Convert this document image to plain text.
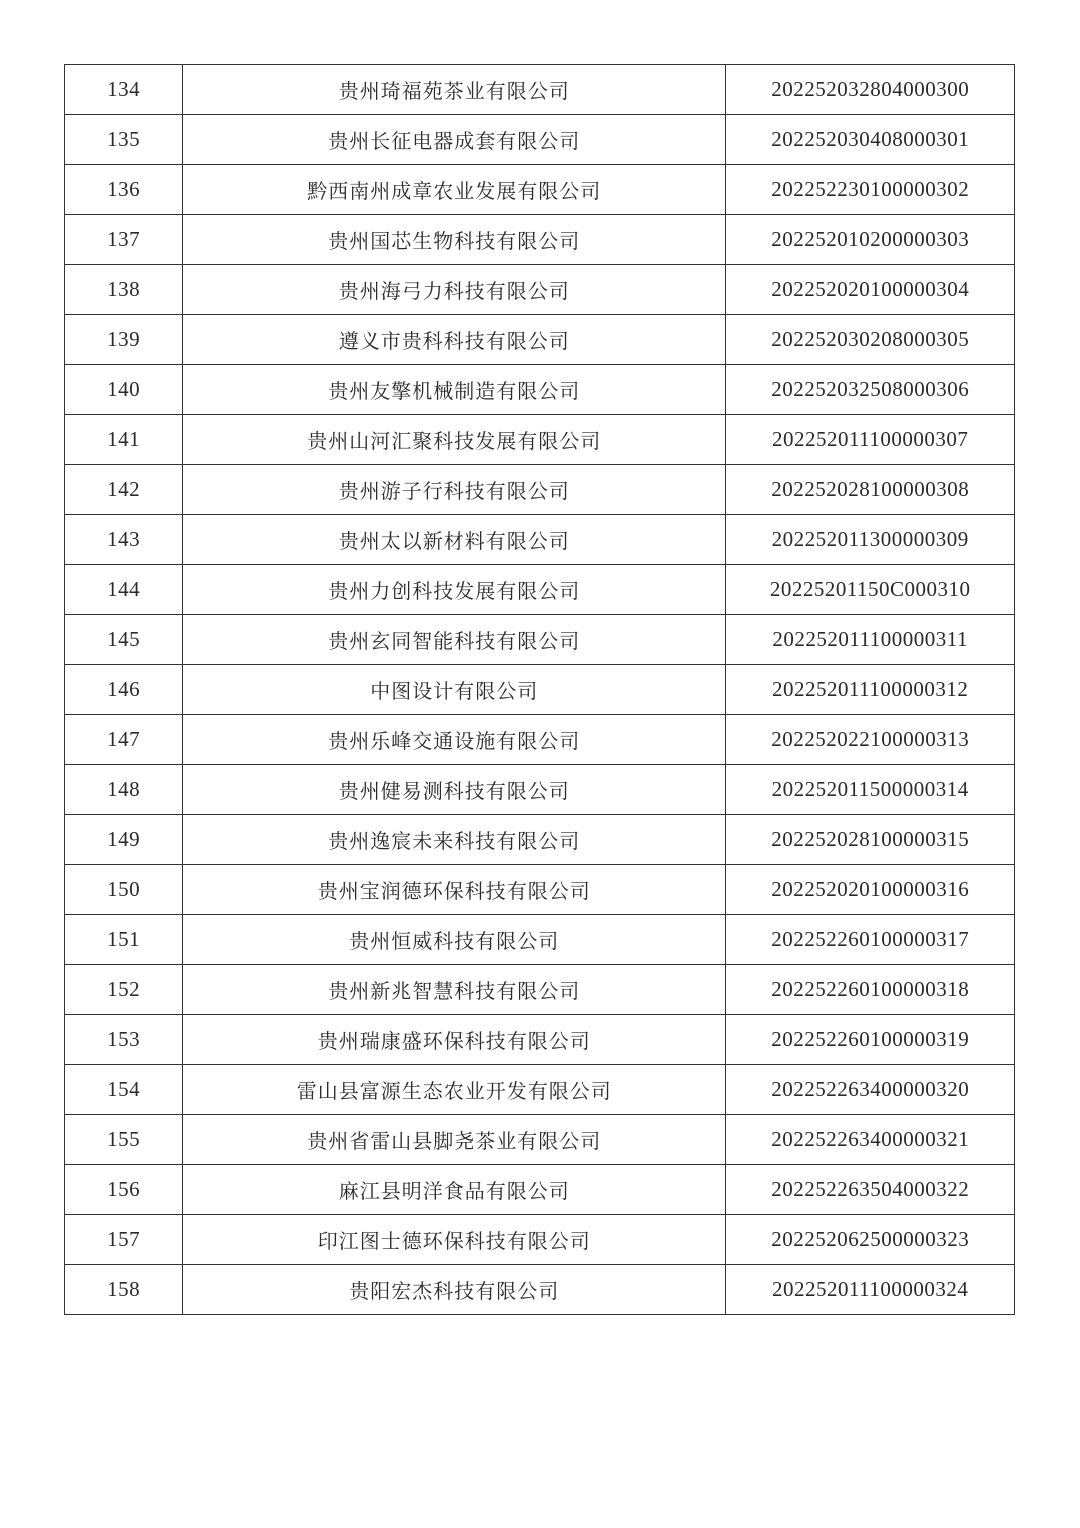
134	贵州琦福苑茶业有限公司	202252032804000300
135	贵州长征电器成套有限公司	202252030408000301
136	黔西南州成章农业发展有限公司	202252230100000302
137	贵州国芯生物科技有限公司	202252010200000303
138	贵州海弓力科技有限公司	202252020100000304
139	遵义市贵科科技有限公司	202252030208000305
140	贵州友擎机械制造有限公司	202252032508000306
141	贵州山河汇聚科技发展有限公司	202252011100000307
142	贵州游子行科技有限公司	202252028100000308
143	贵州太以新材料有限公司	202252011300000309
144	贵州力创科技发展有限公司	20225201150C000310
145	贵州玄同智能科技有限公司	202252011100000311
146	中图设计有限公司	202252011100000312
147	贵州乐峰交通设施有限公司	202252022100000313
148	贵州健易测科技有限公司	202252011500000314
149	贵州逸宸未来科技有限公司	202252028100000315
150	贵州宝润德环保科技有限公司	202252020100000316
151	贵州恒威科技有限公司	202252260100000317
152	贵州新兆智慧科技有限公司	202252260100000318
153	贵州瑞康盛环保科技有限公司	202252260100000319
154	雷山县富源生态农业开发有限公司	202252263400000320
155	贵州省雷山县脚尧茶业有限公司	202252263400000321
156	麻江县明洋食品有限公司	202252263504000322
157	印江图士德环保科技有限公司	202252062500000323
158	贵阳宏杰科技有限公司	202252011100000324
